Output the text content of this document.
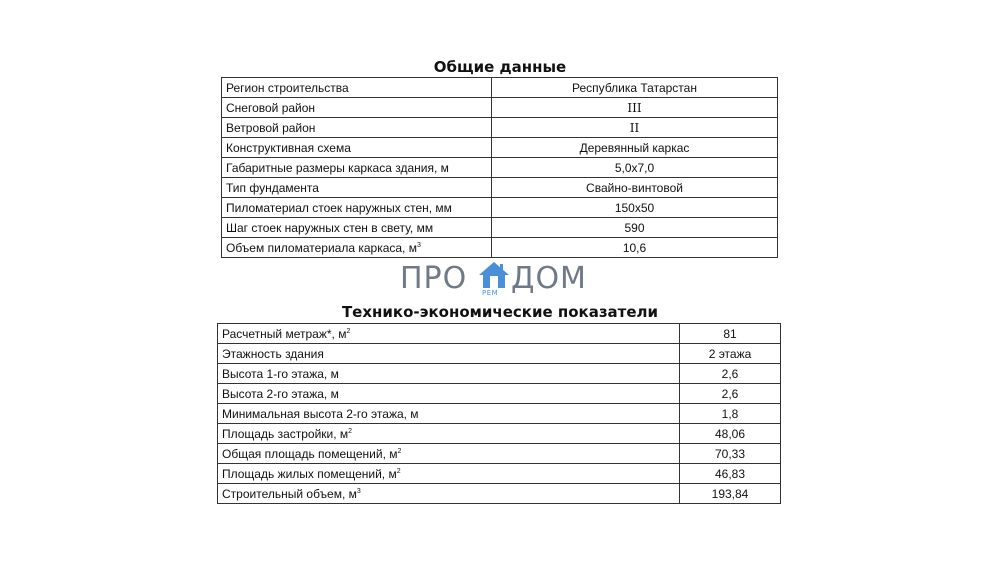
Общие данные
Регион строительства	Республика Татарстан
Снеговой район	III
Ветровой район	II
Конструктивная схема	Деревянный каркас
Габаритные размеры каркаса здания, м	5,0х7,0
Тип фундамента	Свайно-винтовой
Пиломатериал стоек наружных стен, мм	150х50
Шаг стоек наружных стен в свету, мм	590
Объем пиломатериала каркаса, $м^3$	10,6
ПРО ДОМ
РЕМ
Технико-экономические показатели
Расчетный метраж*, $м^2$	81
Этажность здания	2 этажа
Высота 1-го этажа, м	2,6
Высота 2-го этажа, м	2,6
Минимальная высота 2-го этажа, м	1,8
Площадь застройки, $м^2$	48,06
Общая площадь помещений, $м^2$	70,33
Площадь жилых помещений, $м^2$	46,83
Строительный объем, $м^3$	193,84
